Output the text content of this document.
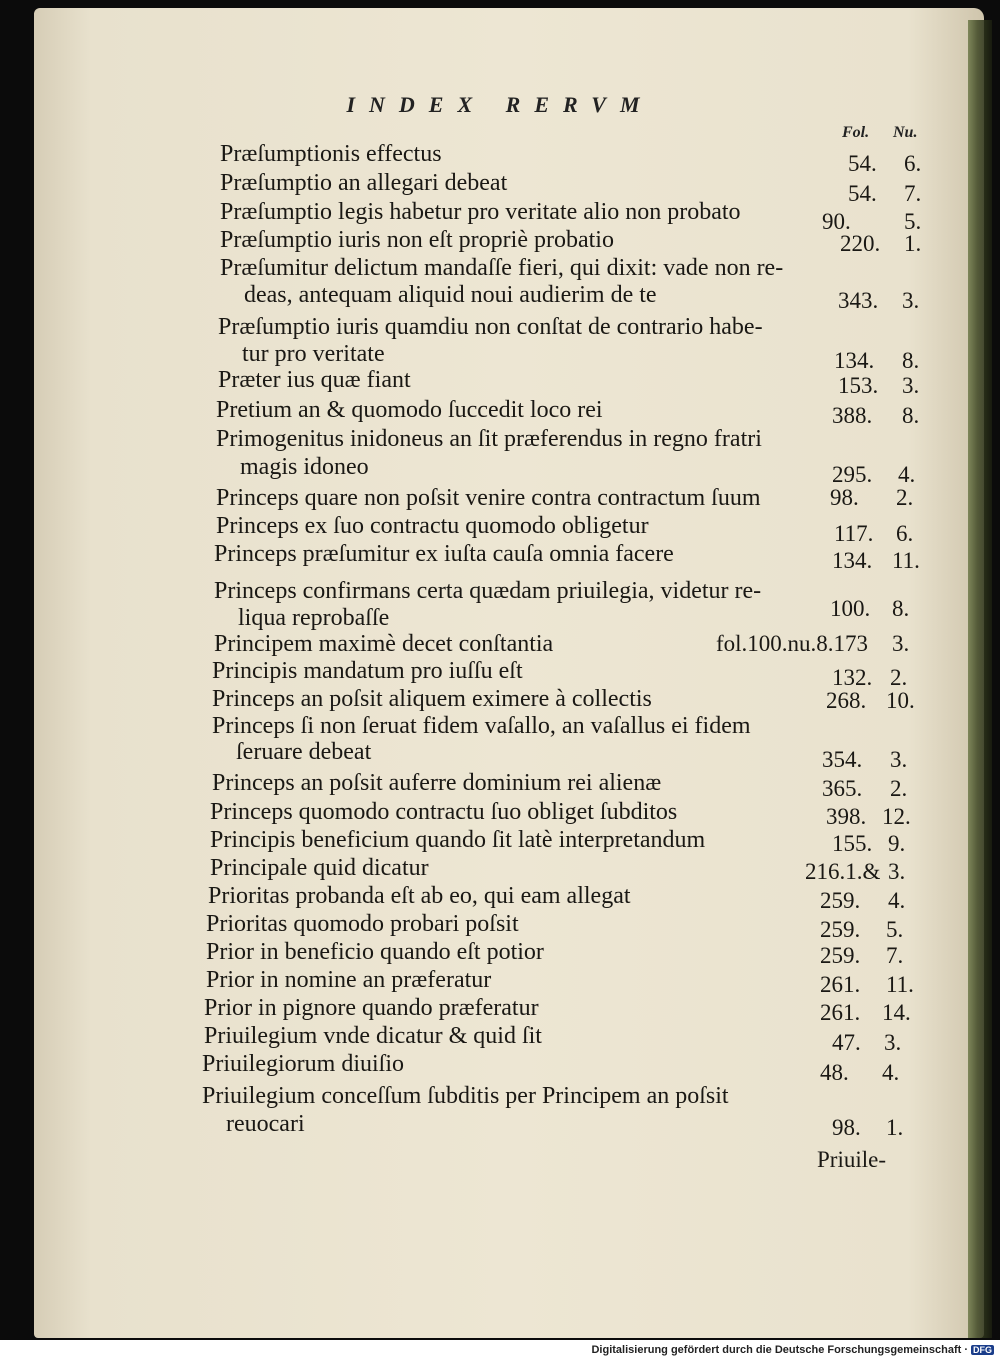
INDEX RERVM
Fol. Nu.
Præſumptionis effectus	54. 6.
Præſumptio an allegari debeat	54. 7.
Præſumptio legis habetur pro veritate alio non probato	90. 5.
Præſumptio iuris non eſt propriè probatio	220. 1.
Præſumitur delictum mandaſſe fieri, qui dixit: vade non re-
deas, antequam aliquid noui audierim de te	343. 3.
Præſumptio iuris quamdiu non conſtat de contrario habe-
tur pro veritate	134. 8.
Præter ius quæ fiant	153. 3.
Pretium an & quomodo ſuccedit loco rei	388. 8.
Primogenitus inidoneus an ſit præferendus in regno fratri
magis idoneo	295. 4.
Princeps quare non poſsit venire contra contractum ſuum	98. 2.
Princeps ex ſuo contractu quomodo obligetur	117. 6.
Princeps præſumitur ex iuſta cauſa omnia facere	134. 11.
Princeps confirmans certa quædam priuilegia, videtur re-
liqua reprobaſſe	100. 8.
Principem maximè decet conſtantia	fol.100.nu.8.173 3.
Principis mandatum pro iuſſu eſt	132. 2.
Princeps an poſsit aliquem eximere à collectis	268. 10.
Princeps ſi non ſeruat fidem vaſallo, an vaſallus ei fidem
ſeruare debeat	354. 3.
Princeps an poſsit auferre dominium rei alienæ	365. 2.
Princeps quomodo contractu ſuo obliget ſubditos	398. 12.
Principis beneficium quando ſit latè interpretandum	155. 9.
Principale quid dicatur	216.1.& 3.
Prioritas probanda eſt ab eo, qui eam allegat	259. 4.
Prioritas quomodo probari poſsit	259. 5.
Prior in beneficio quando eſt potior	259. 7.
Prior in nomine an præferatur	261. 11.
Prior in pignore quando præferatur	261. 14.
Priuilegium vnde dicatur & quid ſit	47. 3.
Priuilegiorum diuiſio	48. 4.
Priuilegium conceſſum ſubditis per Principem an poſsit
reuocari	98. 1.
Priuile-
Digitalisierung gefördert durch die Deutsche Forschungsgemeinschaft · DFG
